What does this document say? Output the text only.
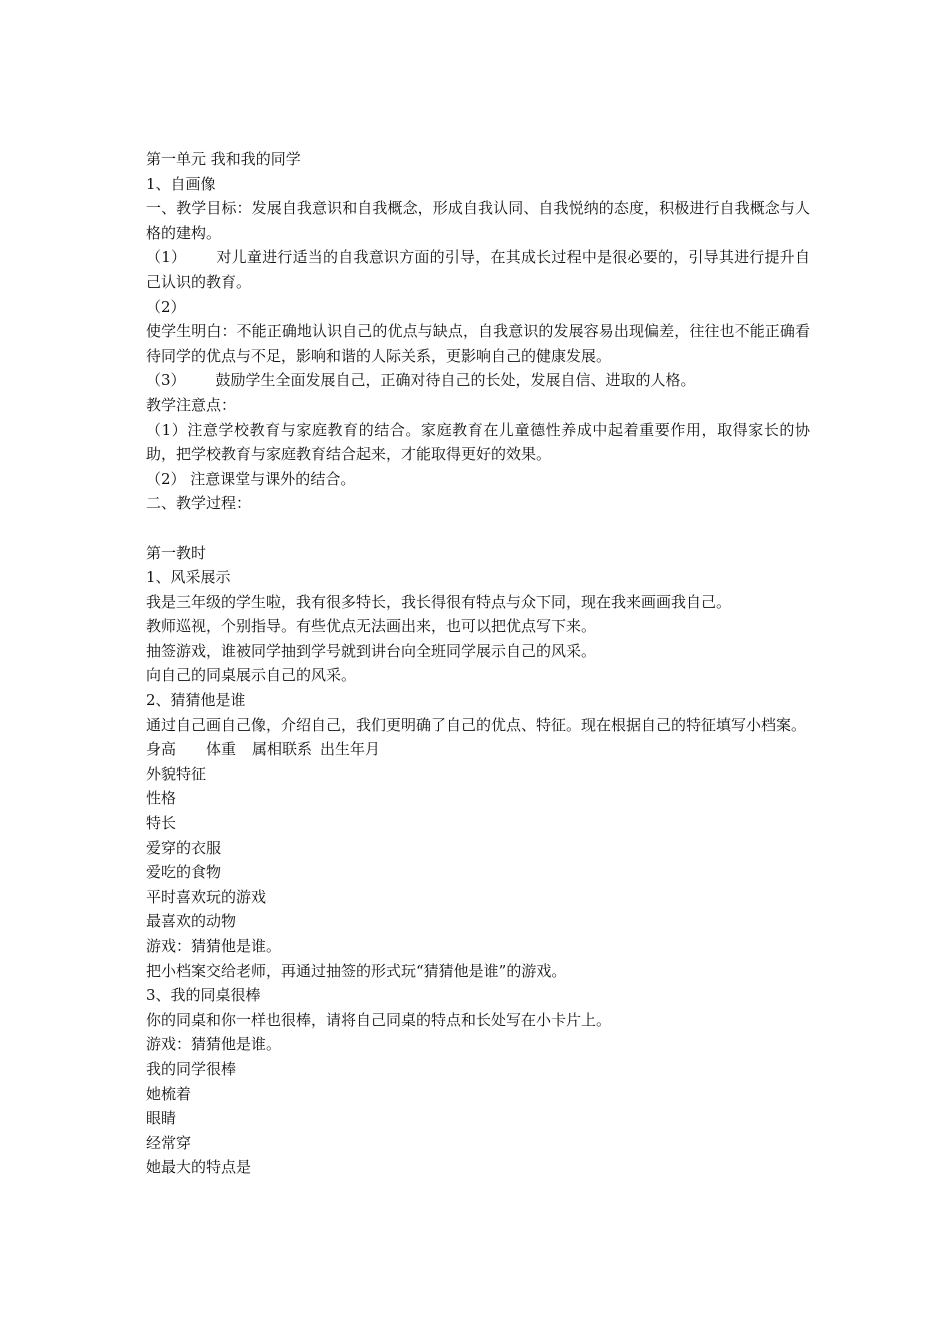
第一单元 我和我的同学
1、自画像
一、教学目标：发展自我意识和自我概念，形成自我认同、自我悦纳的态度，积极进行自我概念与人格的建构。
（1） 对儿童进行适当的自我意识方面的引导，在其成长过程中是很必要的，引导其进行提升自己认识的教育。
（2）
使学生明白：不能正确地认识自己的优点与缺点，自我意识的发展容易出现偏差，往往也不能正确看待同学的优点与不足，影响和谐的人际关系，更影响自己的健康发展。
（3） 鼓励学生全面发展自己，正确对待自己的长处，发展自信、进取的人格。
教学注意点：
（1）注意学校教育与家庭教育的结合。家庭教育在儿童德性养成中起着重要作用，取得家长的协助，把学校教育与家庭教育结合起来，才能取得更好的效果。
（2） 注意课堂与课外的结合。
二、教学过程：
第一教时
1、风采展示
我是三年级的学生啦，我有很多特长，我长得很有特点与众下同，现在我来画画我自己。
教师巡视，个别指导。有些优点无法画出来，也可以把优点写下来。
抽签游戏，谁被同学抽到学号就到讲台向全班同学展示自己的风采。
向自己的同桌展示自己的风采。
2、猜猜他是谁
通过自己画自己像，介绍自己，我们更明确了自己的优点、特征。现在根据自己的特征填写小档案。
身高 体重 属相联系 出生年月
外貌特征
性格
特长
爱穿的衣服
爱吃的食物
平时喜欢玩的游戏
最喜欢的动物
游戏：猜猜他是谁。
把小档案交给老师，再通过抽签的形式玩“猜猜他是谁”的游戏。
3、我的同桌很棒
你的同桌和你一样也很棒，请将自己同桌的特点和长处写在小卡片上。
游戏：猜猜他是谁。
我的同学很棒
她梳着
眼睛
经常穿
她最大的特点是
